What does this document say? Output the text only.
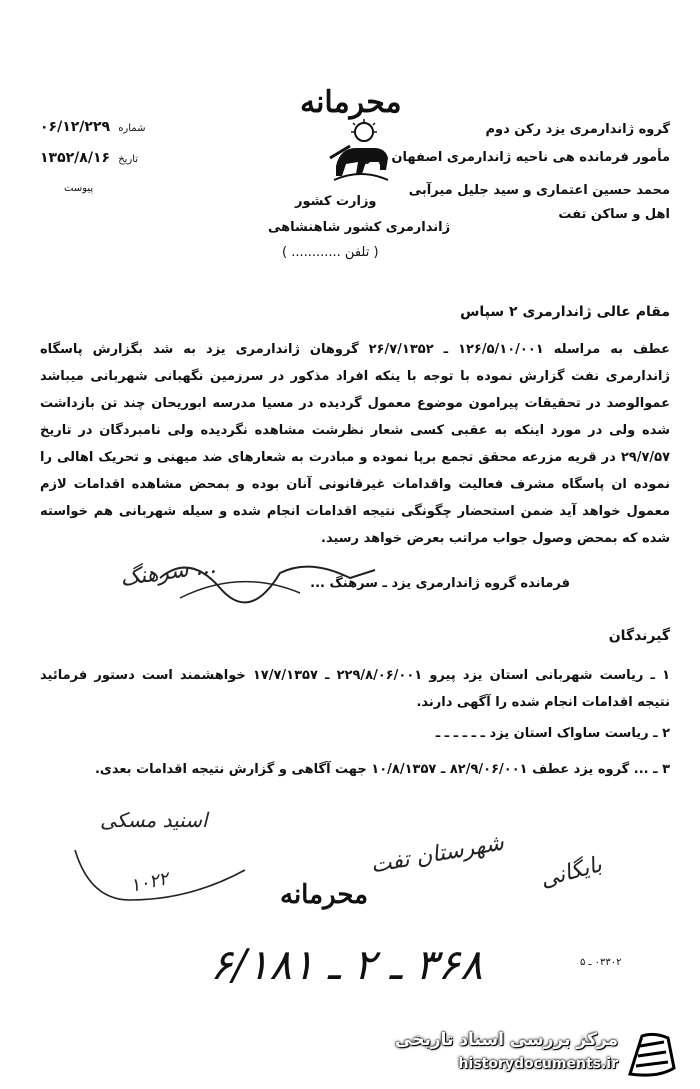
محرمانه
شماره ۰۶/۱۲/۲۲۹
تاریخ ۱۳۵۲/۸/۱۶
پیوست
گروه ژاندارمری یزد رکن دوم
مأمور فرمانده هی ناحیه ژاندارمری اصفهان رکن ۲
محمد حسین اعتماری و سید جلیل میرآبی
اهل و ساکن تفت
وزارت کشور
ژاندارمری کشور شاهنشاهی
( تلفن ............ )
مقام عالی ژاندارمری ۲ سپاس
عطف به مراسله ۱۲۶/۵/۱۰/۰۰۱ ـ ۲۶/۷/۱۳۵۲ گروهان ژاندارمری یزد به شد بگزارش پاسگاه ژاندارمری نفت گزارش نموده با توجه با ینکه افراد مذکور در سرزمین نگهبانی شهربانی میباشد عموالوصد در تحقیقات پیرامون موضوع معمول گردیده در مسیا مدرسه ابوریحان چند تن بازداشت شده ولی در مورد اینکه به عقبی کسی شعار نظرشت مشاهده نگردیده ولی نامبردگان در تاریخ ۲۹/۷/۵۷ در قریه مزرعه محقق تجمع برپا نموده و مبادرت به شعارهای ضد میهنی و تحریک اهالی را نموده ان پاسگاه مشرف فعالیت واقدامات غیرقانونی آنان بوده و بمحض مشاهده اقدامات لازم معمول خواهد آید ضمن استحضار چگونگی نتیجه اقدامات انجام شده و سیله شهربانی هم خواسته شده که بمحض وصول جواب مراتب بعرض خواهد رسید.
فرمانده گروه ژاندارمری یزد ـ سرهنگ ...
سرهنگ ...
گیرندگان
۱ ـ ریاست شهربانی استان یزد پیرو ۲۲۹/۸/۰۶/۰۰۱ ـ ۱۷/۷/۱۳۵۷ خواهشمند است دستور فرمائید نتیجه اقدامات انجام شده را آگهی دارند.
۲ ـ ریاست ساواک استان یزد ـ ـ ـ ـ ـ ـ
۳ ـ ... گروه یزد عطف ۸۲/۹/۰۶/۰۰۱ ـ ۱۰/۸/۱۳۵۷ جهت آگاهی و گزارش نتیجه اقدامات بعدی.
اسنید مسکی
۱۰۲۲
شهرستان تفت بایگانی
محرمانه
۳۶۸ ـ ۲ ـ ۶/۱۸۱	۰۳۳۰۲ ـ ۵
مرکز بررسی اسناد تاریخی
historydocuments.ir
